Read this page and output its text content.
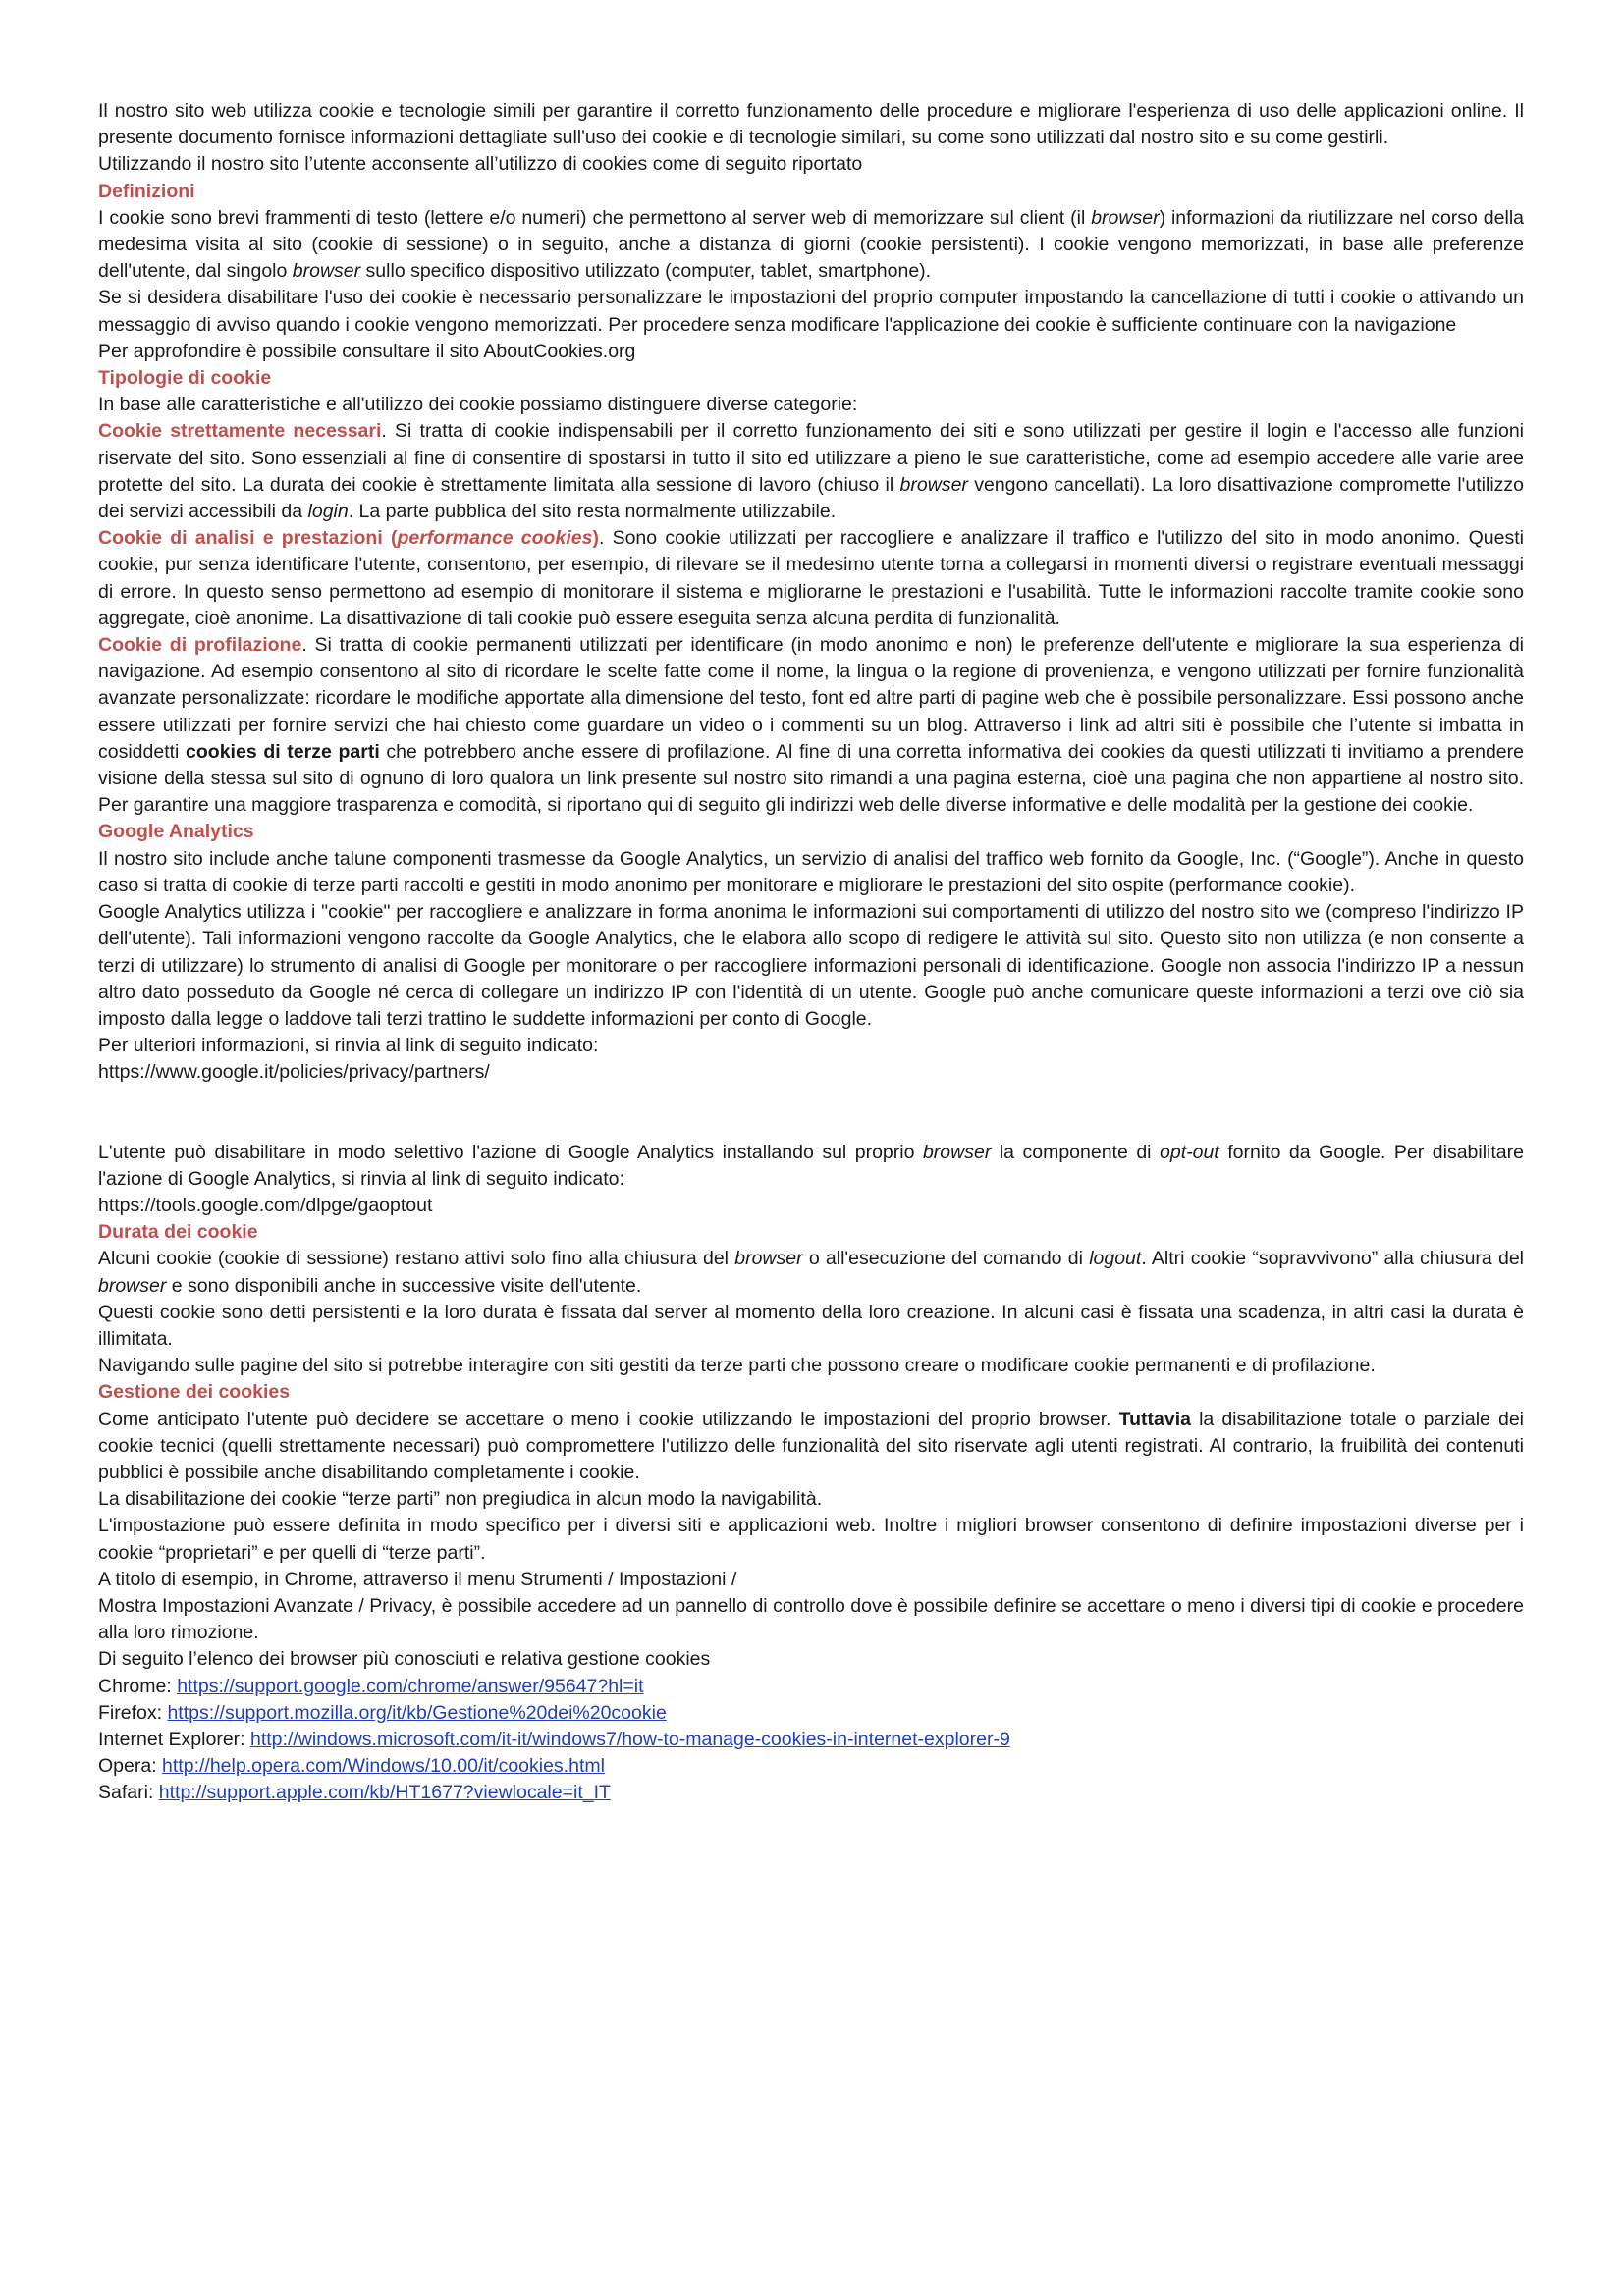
Il nostro sito web utilizza cookie e tecnologie simili per garantire il corretto funzionamento delle procedure e migliorare l'esperienza di uso delle applicazioni online. Il presente documento fornisce informazioni dettagliate sull'uso dei cookie e di tecnologie similari, su come sono utilizzati dal nostro sito e su come gestirli.

Utilizzando il nostro sito l’utente acconsente all’utilizzo di cookies come di seguito riportato

Definizioni

I cookie sono brevi frammenti di testo (lettere e/o numeri) che permettono al server web di memorizzare sul client (il browser) informazioni da riutilizzare nel corso della medesima visita al sito (cookie di sessione) o in seguito, anche a distanza di giorni (cookie persistenti). I cookie vengono memorizzati, in base alle preferenze dell'utente, dal singolo browser sullo specifico dispositivo utilizzato (computer, tablet, smartphone).

Se si desidera disabilitare l'uso dei cookie è necessario personalizzare le impostazioni del proprio computer impostando la cancellazione di tutti i cookie o attivando un messaggio di avviso quando i cookie vengono memorizzati. Per procedere senza modificare l'applicazione dei cookie è sufficiente continuare con la navigazione

Per approfondire è possibile consultare il sito AboutCookies.org

Tipologie di cookie

In base alle caratteristiche e all'utilizzo dei cookie possiamo distinguere diverse categorie:

Cookie strettamente necessari. Si tratta di cookie indispensabili per il corretto funzionamento dei siti e sono utilizzati per gestire il login e l'accesso alle funzioni riservate del sito. Sono essenziali al fine di consentire di spostarsi in tutto il sito ed utilizzare a pieno le sue caratteristiche, come ad esempio accedere alle varie aree protette del sito. La durata dei cookie è strettamente limitata alla sessione di lavoro (chiuso il browser vengono cancellati). La loro disattivazione compromette l'utilizzo dei servizi accessibili da login. La parte pubblica del sito resta normalmente utilizzabile.

Cookie di analisi e prestazioni (performance cookies). Sono cookie utilizzati per raccogliere e analizzare il traffico e l'utilizzo del sito in modo anonimo. Questi cookie, pur senza identificare l'utente, consentono, per esempio, di rilevare se il medesimo utente torna a collegarsi in momenti diversi o registrare eventuali messaggi di errore. In questo senso permettono ad esempio di monitorare il sistema e migliorarne le prestazioni e l'usabilità. Tutte le informazioni raccolte tramite cookie sono aggregate, cioè anonime. La disattivazione di tali cookie può essere eseguita senza alcuna perdita di funzionalità.

Cookie di profilazione. Si tratta di cookie permanenti utilizzati per identificare (in modo anonimo e non) le preferenze dell'utente e migliorare la sua esperienza di navigazione. Ad esempio consentono al sito di ricordare le scelte fatte come il nome, la lingua o la regione di provenienza, e vengono utilizzati per fornire funzionalità avanzate personalizzate: ricordare le modifiche apportate alla dimensione del testo, font ed altre parti di pagine web che è possibile personalizzare. Essi possono anche essere utilizzati per fornire servizi che hai chiesto come guardare un video o i commenti su un blog. Attraverso i link ad altri siti è possibile che l’utente si imbatta in cosiddetti cookies di terze parti che potrebbero anche essere di profilazione. Al fine di una corretta informativa dei cookies da questi utilizzati ti invitiamo a prendere visione della stessa sul sito di ognuno di loro qualora un link presente sul nostro sito rimandi a una pagina esterna, cioè una pagina che non appartiene al nostro sito. Per garantire una maggiore trasparenza e comodità, si riportano qui di seguito gli indirizzi web delle diverse informative e delle modalità per la gestione dei cookie.

Google Analytics

Il nostro sito include anche talune componenti trasmesse da Google Analytics, un servizio di analisi del traffico web fornito da Google, Inc. (“Google”). Anche in questo caso si tratta di cookie di terze parti raccolti e gestiti in modo anonimo per monitorare e migliorare le prestazioni del sito ospite (performance cookie).

Google Analytics utilizza i "cookie" per raccogliere e analizzare in forma anonima le informazioni sui comportamenti di utilizzo del nostro sito we (compreso l'indirizzo IP dell'utente). Tali informazioni vengono raccolte da Google Analytics, che le elabora allo scopo di redigere le attività sul sito. Questo sito non utilizza (e non consente a terzi di utilizzare) lo strumento di analisi di Google per monitorare o per raccogliere informazioni personali di identificazione. Google non associa l'indirizzo IP a nessun altro dato posseduto da Google né cerca di collegare un indirizzo IP con l'identità di un utente. Google può anche comunicare queste informazioni a terzi ove ciò sia imposto dalla legge o laddove tali terzi trattino le suddette informazioni per conto di Google.

Per ulteriori informazioni, si rinvia al link di seguito indicato:

https://www.google.it/policies/privacy/partners/

L'utente può disabilitare in modo selettivo l'azione di Google Analytics installando sul proprio browser la componente di opt-out fornito da Google. Per disabilitare l'azione di Google Analytics, si rinvia al link di seguito indicato:

https://tools.google.com/dlpge/gaoptout

Durata dei cookie

Alcuni cookie (cookie di sessione) restano attivi solo fino alla chiusura del browser o all'esecuzione del comando di logout. Altri cookie “sopravvivono” alla chiusura del browser e sono disponibili anche in successive visite dell'utente.

Questi cookie sono detti persistenti e la loro durata è fissata dal server al momento della loro creazione. In alcuni casi è fissata una scadenza, in altri casi la durata è illimitata.

Navigando sulle pagine del sito si potrebbe interagire con siti gestiti da terze parti che possono creare o modificare cookie permanenti e di profilazione.

Gestione dei cookies

Come anticipato l'utente può decidere se accettare o meno i cookie utilizzando le impostazioni del proprio browser. Tuttavia la disabilitazione totale o parziale dei cookie tecnici (quelli strettamente necessari) può compromettere l'utilizzo delle funzionalità del sito riservate agli utenti registrati. Al contrario, la fruibilità dei contenuti pubblici è possibile anche disabilitando completamente i cookie.

La disabilitazione dei cookie “terze parti” non pregiudica in alcun modo la navigabilità.

L'impostazione può essere definita in modo specifico per i diversi siti e applicazioni web. Inoltre i migliori browser consentono di definire impostazioni diverse per i cookie “proprietari” e per quelli di “terze parti”.

A titolo di esempio, in Chrome, attraverso il menu Strumenti / Impostazioni /

Mostra Impostazioni Avanzate / Privacy, è possibile accedere ad un pannello di controllo dove è possibile definire se accettare o meno i diversi tipi di cookie e procedere alla loro rimozione.

Di seguito l’elenco dei browser più conosciuti e relativa gestione cookies

Chrome: https://support.google.com/chrome/answer/95647?hl=it

Firefox: https://support.mozilla.org/it/kb/Gestione%20dei%20cookie

Internet Explorer: http://windows.microsoft.com/it-it/windows7/how-to-manage-cookies-in-internet-explorer-9

Opera: http://help.opera.com/Windows/10.00/it/cookies.html

Safari: http://support.apple.com/kb/HT1677?viewlocale=it_IT
